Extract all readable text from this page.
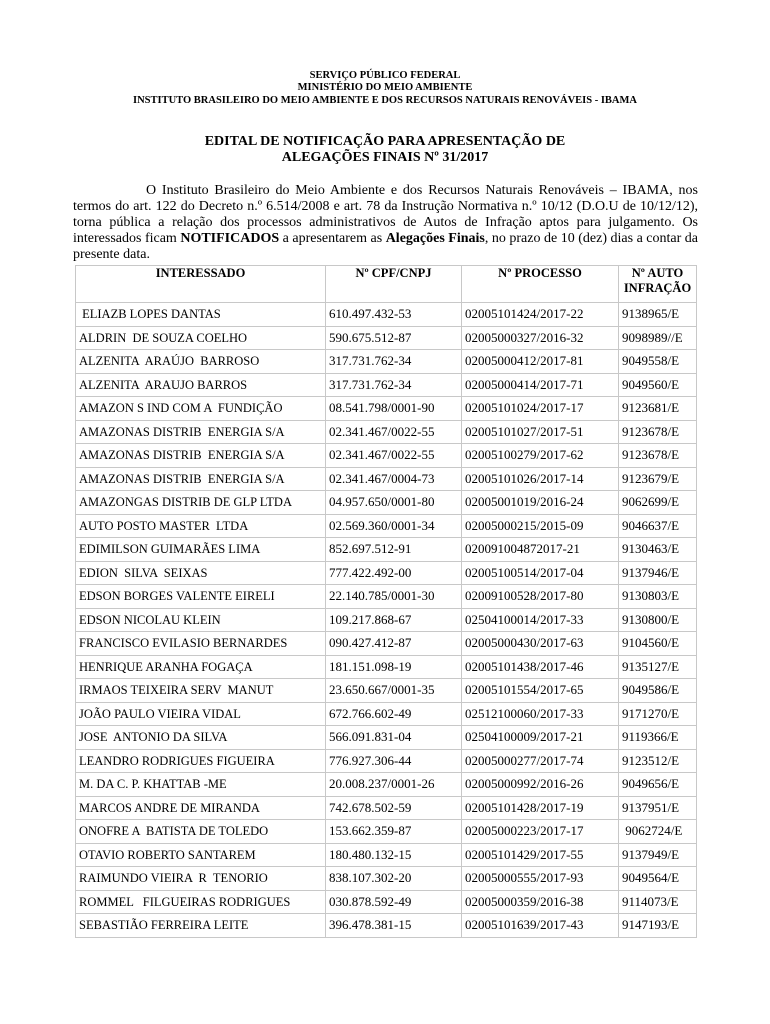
SERVIÇO PÚBLICO FEDERAL
MINISTÉRIO DO MEIO AMBIENTE
INSTITUTO BRASILEIRO DO MEIO AMBIENTE E DOS RECURSOS NATURAIS RENOVÁVEIS - IBAMA
EDITAL DE NOTIFICAÇÃO PARA APRESENTAÇÃO DE
ALEGAÇÕES FINAIS Nº 31/2017
O Instituto Brasileiro do Meio Ambiente e dos Recursos Naturais Renováveis – IBAMA, nos termos do art. 122 do Decreto n.º 6.514/2008 e art. 78 da Instrução Normativa n.º 10/12 (D.O.U de 10/12/12), torna pública a relação dos processos administrativos de Autos de Infração aptos para julgamento. Os interessados ficam NOTIFICADOS a apresentarem as Alegações Finais, no prazo de 10 (dez) dias a contar da presente data.
INTERESSADO	Nº CPF/CNPJ	Nº PROCESSO	Nº AUTO
INFRAÇÃO
ELIAZB LOPES DANTAS	610.497.432-53	02005101424/2017-22	9138965/E
ALDRIN  DE SOUZA COELHO	590.675.512-87	02005000327/2016-32	9098989//E
ALZENITA  ARAÚJO  BARROSO	317.731.762-34	02005000412/2017-81	9049558/E
ALZENITA  ARAUJO BARROS	317.731.762-34	02005000414/2017-71	9049560/E
AMAZON S IND COM A  FUNDIÇÃO	08.541.798/0001-90	02005101024/2017-17	9123681/E
AMAZONAS DISTRIB  ENERGIA S/A	02.341.467/0022-55	02005101027/2017-51	9123678/E
AMAZONAS DISTRIB  ENERGIA S/A	02.341.467/0022-55	02005100279/2017-62	9123678/E
AMAZONAS DISTRIB  ENERGIA S/A	02.341.467/0004-73	02005101026/2017-14	9123679/E
AMAZONGAS DISTRIB DE GLP LTDA	04.957.650/0001-80	02005001019/2016-24	9062699/E
AUTO POSTO MASTER  LTDA	02.569.360/0001-34	02005000215/2015-09	9046637/E
EDIMILSON GUIMARÃES LIMA	852.697.512-91	020091004872017-21	9130463/E
EDION  SILVA  SEIXAS	777.422.492-00	02005100514/2017-04	9137946/E
EDSON BORGES VALENTE EIRELI	22.140.785/0001-30	02009100528/2017-80	9130803/E
EDSON NICOLAU KLEIN	109.217.868-67	02504100014/2017-33	9130800/E
FRANCISCO EVILASIO BERNARDES	090.427.412-87	02005000430/2017-63	9104560/E
HENRIQUE ARANHA FOGAÇA	181.151.098-19	02005101438/2017-46	9135127/E
IRMAOS TEIXEIRA SERV  MANUT	23.650.667/0001-35	02005101554/2017-65	9049586/E
JOÃO PAULO VIEIRA VIDAL	672.766.602-49	02512100060/2017-33	9171270/E
JOSE  ANTONIO DA SILVA	566.091.831-04	02504100009/2017-21	9119366/E
LEANDRO RODRIGUES FIGUEIRA	776.927.306-44	02005000277/2017-74	9123512/E
M. DA C. P. KHATTAB -ME	20.008.237/0001-26	02005000992/2016-26	9049656/E
MARCOS ANDRE DE MIRANDA	742.678.502-59	02005101428/2017-19	9137951/E
ONOFRE A  BATISTA DE TOLEDO	153.662.359-87	02005000223/2017-17	9062724/E
OTAVIO ROBERTO SANTAREM	180.480.132-15	02005101429/2017-55	9137949/E
RAIMUNDO VIEIRA  R  TENORIO	838.107.302-20	02005000555/2017-93	9049564/E
ROMMEL   FILGUEIRAS RODRIGUES	030.878.592-49	02005000359/2016-38	9114073/E
SEBASTIÃO FERREIRA LEITE	396.478.381-15	02005101639/2017-43	9147193/E
